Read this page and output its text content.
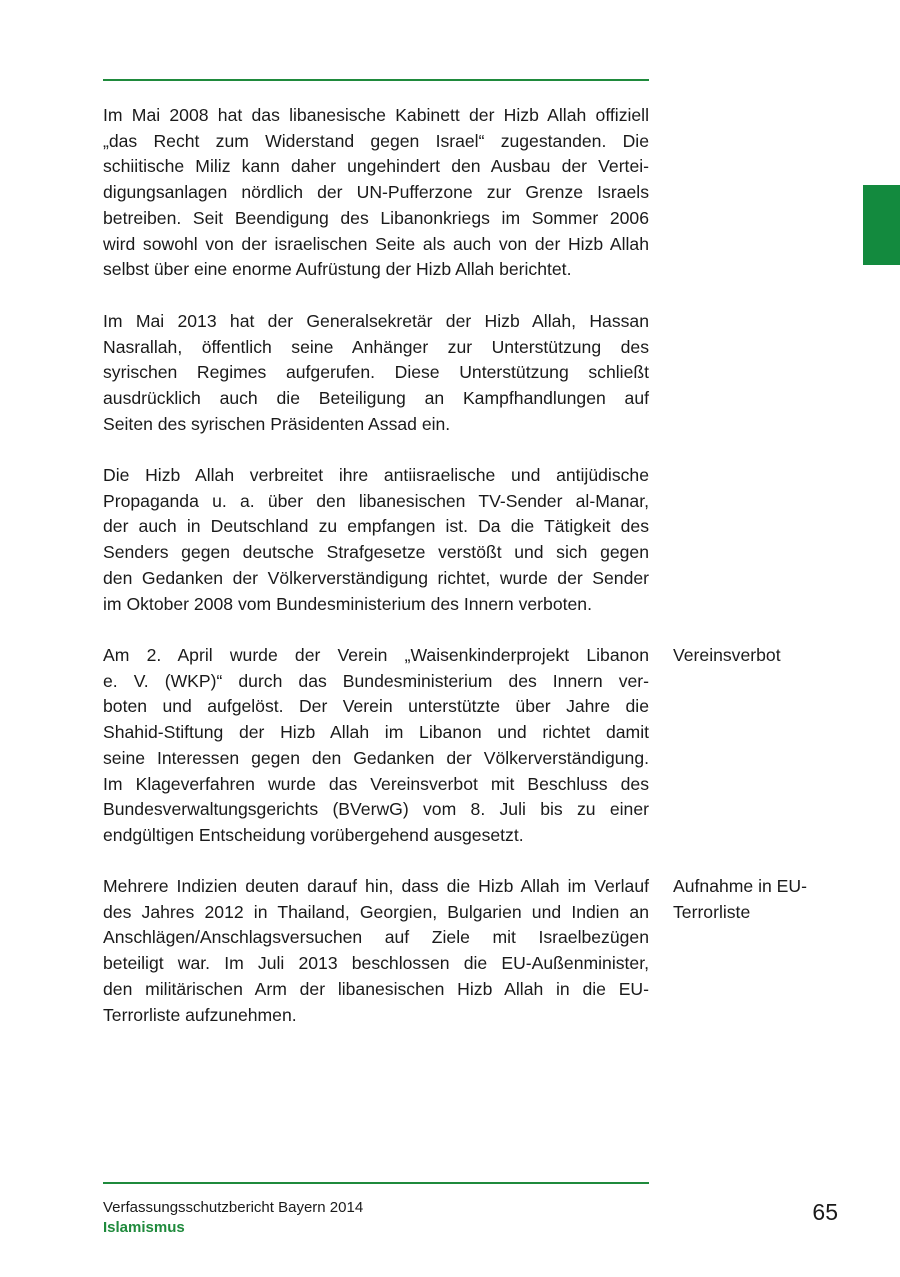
Im Mai 2008 hat das libanesische Kabinett der Hizb Allah offiziell
„das Recht zum Widerstand gegen Israel“ zugestanden. Die
schiitische Miliz kann daher ungehindert den Ausbau der Vertei-
digungsanlagen nördlich der UN-Pufferzone zur Grenze Israels
betreiben. Seit Beendigung des Libanonkriegs im Sommer 2006
wird sowohl von der israelischen Seite als auch von der Hizb Allah
selbst über eine enorme Aufrüstung der Hizb Allah berichtet.
Im Mai 2013 hat der Generalsekretär der Hizb Allah, Hassan
Nasrallah, öffentlich seine Anhänger zur Unterstützung des
syrischen Regimes aufgerufen. Diese Unterstützung schließt
ausdrücklich auch die Beteiligung an Kampfhandlungen auf
Seiten des syrischen Präsidenten Assad ein.
Die Hizb Allah verbreitet ihre antiisraelische und antijüdische
Propaganda u. a. über den libanesischen TV-Sender al-Manar,
der auch in Deutschland zu empfangen ist. Da die Tätigkeit des
Senders gegen deutsche Strafgesetze verstößt und sich gegen
den Gedanken der Völkerverständigung richtet, wurde der Sender
im Oktober 2008 vom Bundesministerium des Innern verboten.
Am 2. April wurde der Verein „Waisenkinderprojekt Libanon
e. V. (WKP)“ durch das Bundesministerium des Innern ver-
boten und aufgelöst. Der Verein unterstützte über Jahre die
Shahid-Stiftung der Hizb Allah im Libanon und richtet damit
seine Interessen gegen den Gedanken der Völkerverständigung.
Im Klageverfahren wurde das Vereinsverbot mit Beschluss des
Bundesverwaltungsgerichts (BVerwG) vom 8. Juli bis zu einer
endgültigen Entscheidung vorübergehend ausgesetzt.
Vereinsverbot
Mehrere Indizien deuten darauf hin, dass die Hizb Allah im Verlauf
des Jahres 2012 in Thailand, Georgien, Bulgarien und Indien an
Anschlägen/Anschlagsversuchen auf Ziele mit Israelbezügen
beteiligt war. Im Juli 2013 beschlossen die EU-Außenminister,
den militärischen Arm der libanesischen Hizb Allah in die EU-
Terrorliste aufzunehmen.
Aufnahme in EU-
Terrorliste
Verfassungsschutzbericht Bayern 2014
Islamismus
65
